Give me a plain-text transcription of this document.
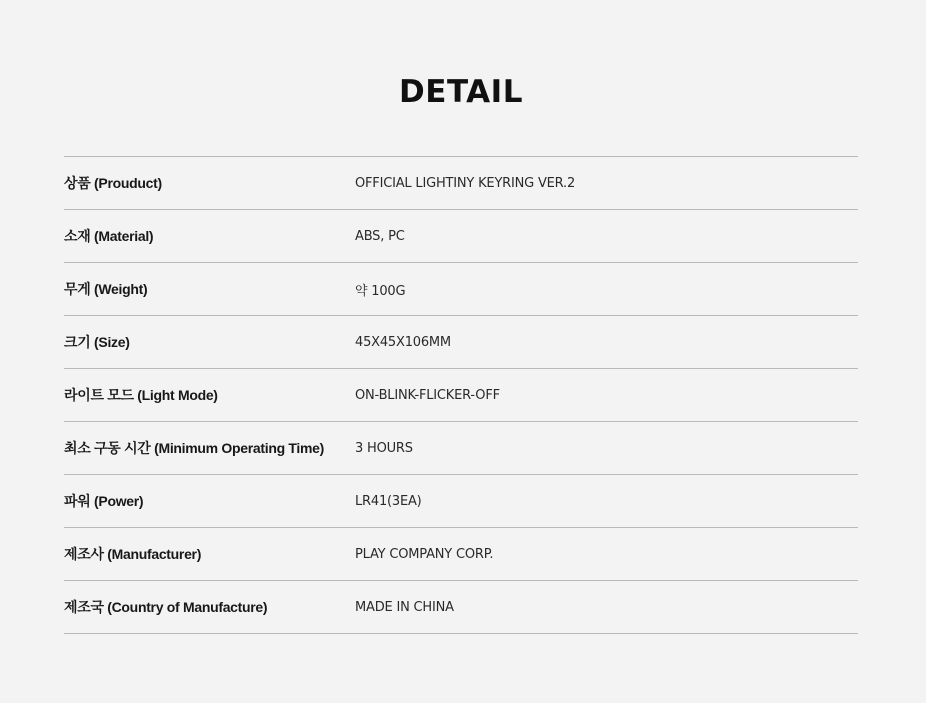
DETAIL
상품 (Prouduct)	OFFICIAL LIGHTINY KEYRING VER.2
소재 (Material)	ABS, PC
무게 (Weight)	약 100G
크기 (Size)	45X45X106MM
라이트 모드 (Light Mode)	ON-BLINK-FLICKER-OFF
최소 구동 시간 (Minimum Operating Time)	3 HOURS
파워 (Power)	LR41(3EA)
제조사 (Manufacturer)	PLAY COMPANY CORP.
제조국 (Country of Manufacture)	MADE IN CHINA
